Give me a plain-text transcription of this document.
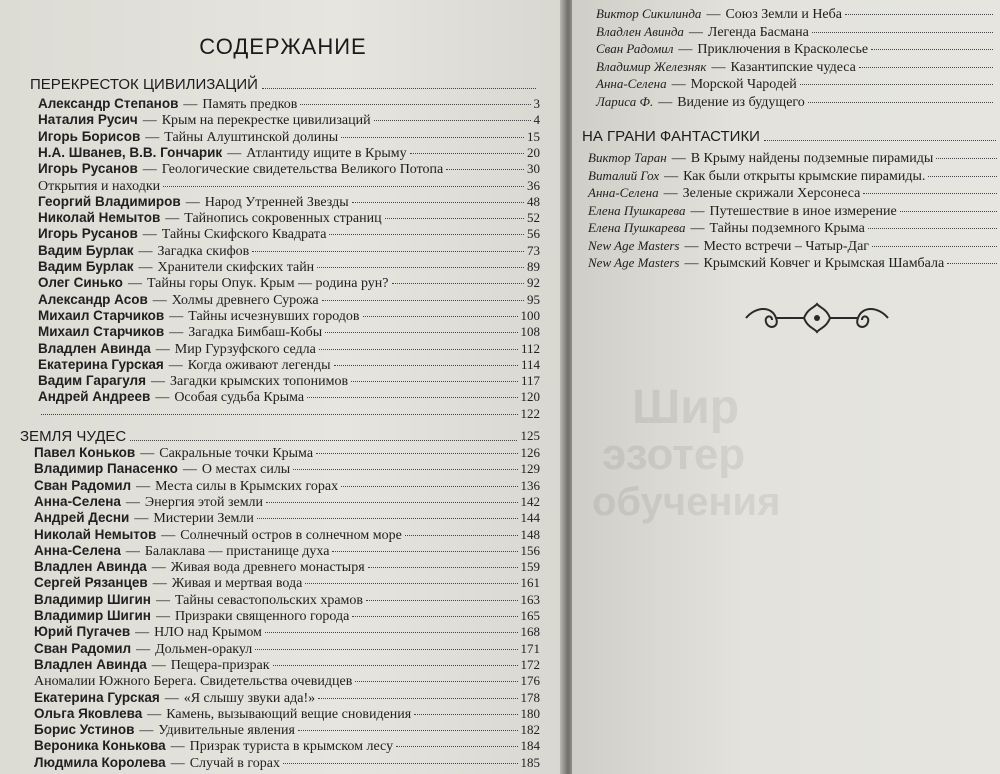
СОДЕРЖАНИЕ
ПЕРЕКРЕСТОК ЦИВИЛИЗАЦИЙ
Александр Степанов — Память предков	3
Наталия Русич — Крым на перекрестке цивилизаций	4
Игорь Борисов — Тайны Алуштинской долины	15
Н.А. Шванев, В.В. Гончарик — Атлантиду ищите в Крыму	20
Игорь Русанов — Геологические свидетельства Великого Потопа	30
Открытия и находки	36
Георгий Владимиров — Народ Утренней Звезды	48
Николай Немытов — Тайнопись сокровенных страниц	52
Игорь Русанов — Тайны Скифского Квадрата	56
Вадим Бурлак — Загадка скифов	73
Вадим Бурлак — Хранители скифских тайн	89
Олег Синько — Тайны горы Опук. Крым — родина рун?	92
Александр Асов — Холмы древнего Сурожа	95
Михаил Старчиков — Тайны исчезнувших городов	100
Михаил Старчиков — Загадка Бимбаш-Кобы	108
Владлен Авинда — Мир Гурзуфского седла	112
Екатерина Гурская — Когда оживают легенды	114
Вадим Гарагуля — Загадки крымских топонимов	117
Андрей Андреев — Особая судьба Крыма	120
122
ЗЕМЛЯ ЧУДЕС	125
Павел Коньков — Сакральные точки Крыма	126
Владимир Панасенко — О местах силы	129
Сван Радомил — Места силы в Крымских горах	136
Анна-Селена — Энергия этой земли	142
Андрей Десни — Мистерии Земли	144
Николай Немытов — Солнечный остров в солнечном море	148
Анна-Селена — Балаклава — пристанище духа	156
Владлен Авинда — Живая вода древнего монастыря	159
Сергей Рязанцев — Живая и мертвая вода	161
Владимир Шигин — Тайны севастопольских храмов	163
Владимир Шигин — Призраки священного города	165
Юрий Пугачев — НЛО над Крымом	168
Сван Радомил — Дольмен-оракул	171
Владлен Авинда — Пещера-призрак	172
Аномалии Южного Берега. Свидетельства очевидцев	176
Екатерина Гурская — «Я слышу звуки ада!»	178
Ольга Яковлева — Камень, вызывающий вещие сновидения	180
Борис Устинов — Удивительные явления	182
Вероника Конькова — Призрак туриста в крымском лесу	184
Людмила Королева — Случай в горах	185
Виктор Сикилинда — Союз Земли и Неба
Владлен Авинда — Легенда Басмана
Сван Радомил — Приключения в Красколесье
Владимир Железняк — Казантипские чудеса
Анна-Селена — Морской Чародей
Лариса Ф. — Видение из будущего
НА ГРАНИ ФАНТАСТИКИ
Виктор Таран — В Крыму найдены подземные пирамиды
Виталий Гох — Как были открыты крымские пирамиды.
Анна-Селена — Зеленые скрижали Херсонеса
Елена Пушкарева — Путешествие в иное измерение
Елена Пушкарева — Тайны подземного Крыма
New Age Masters — Место встречи – Чатыр-Даг
New Age Masters — Крымский Ковчег и Крымская Шамбала
Шир
эзотер
обучения
